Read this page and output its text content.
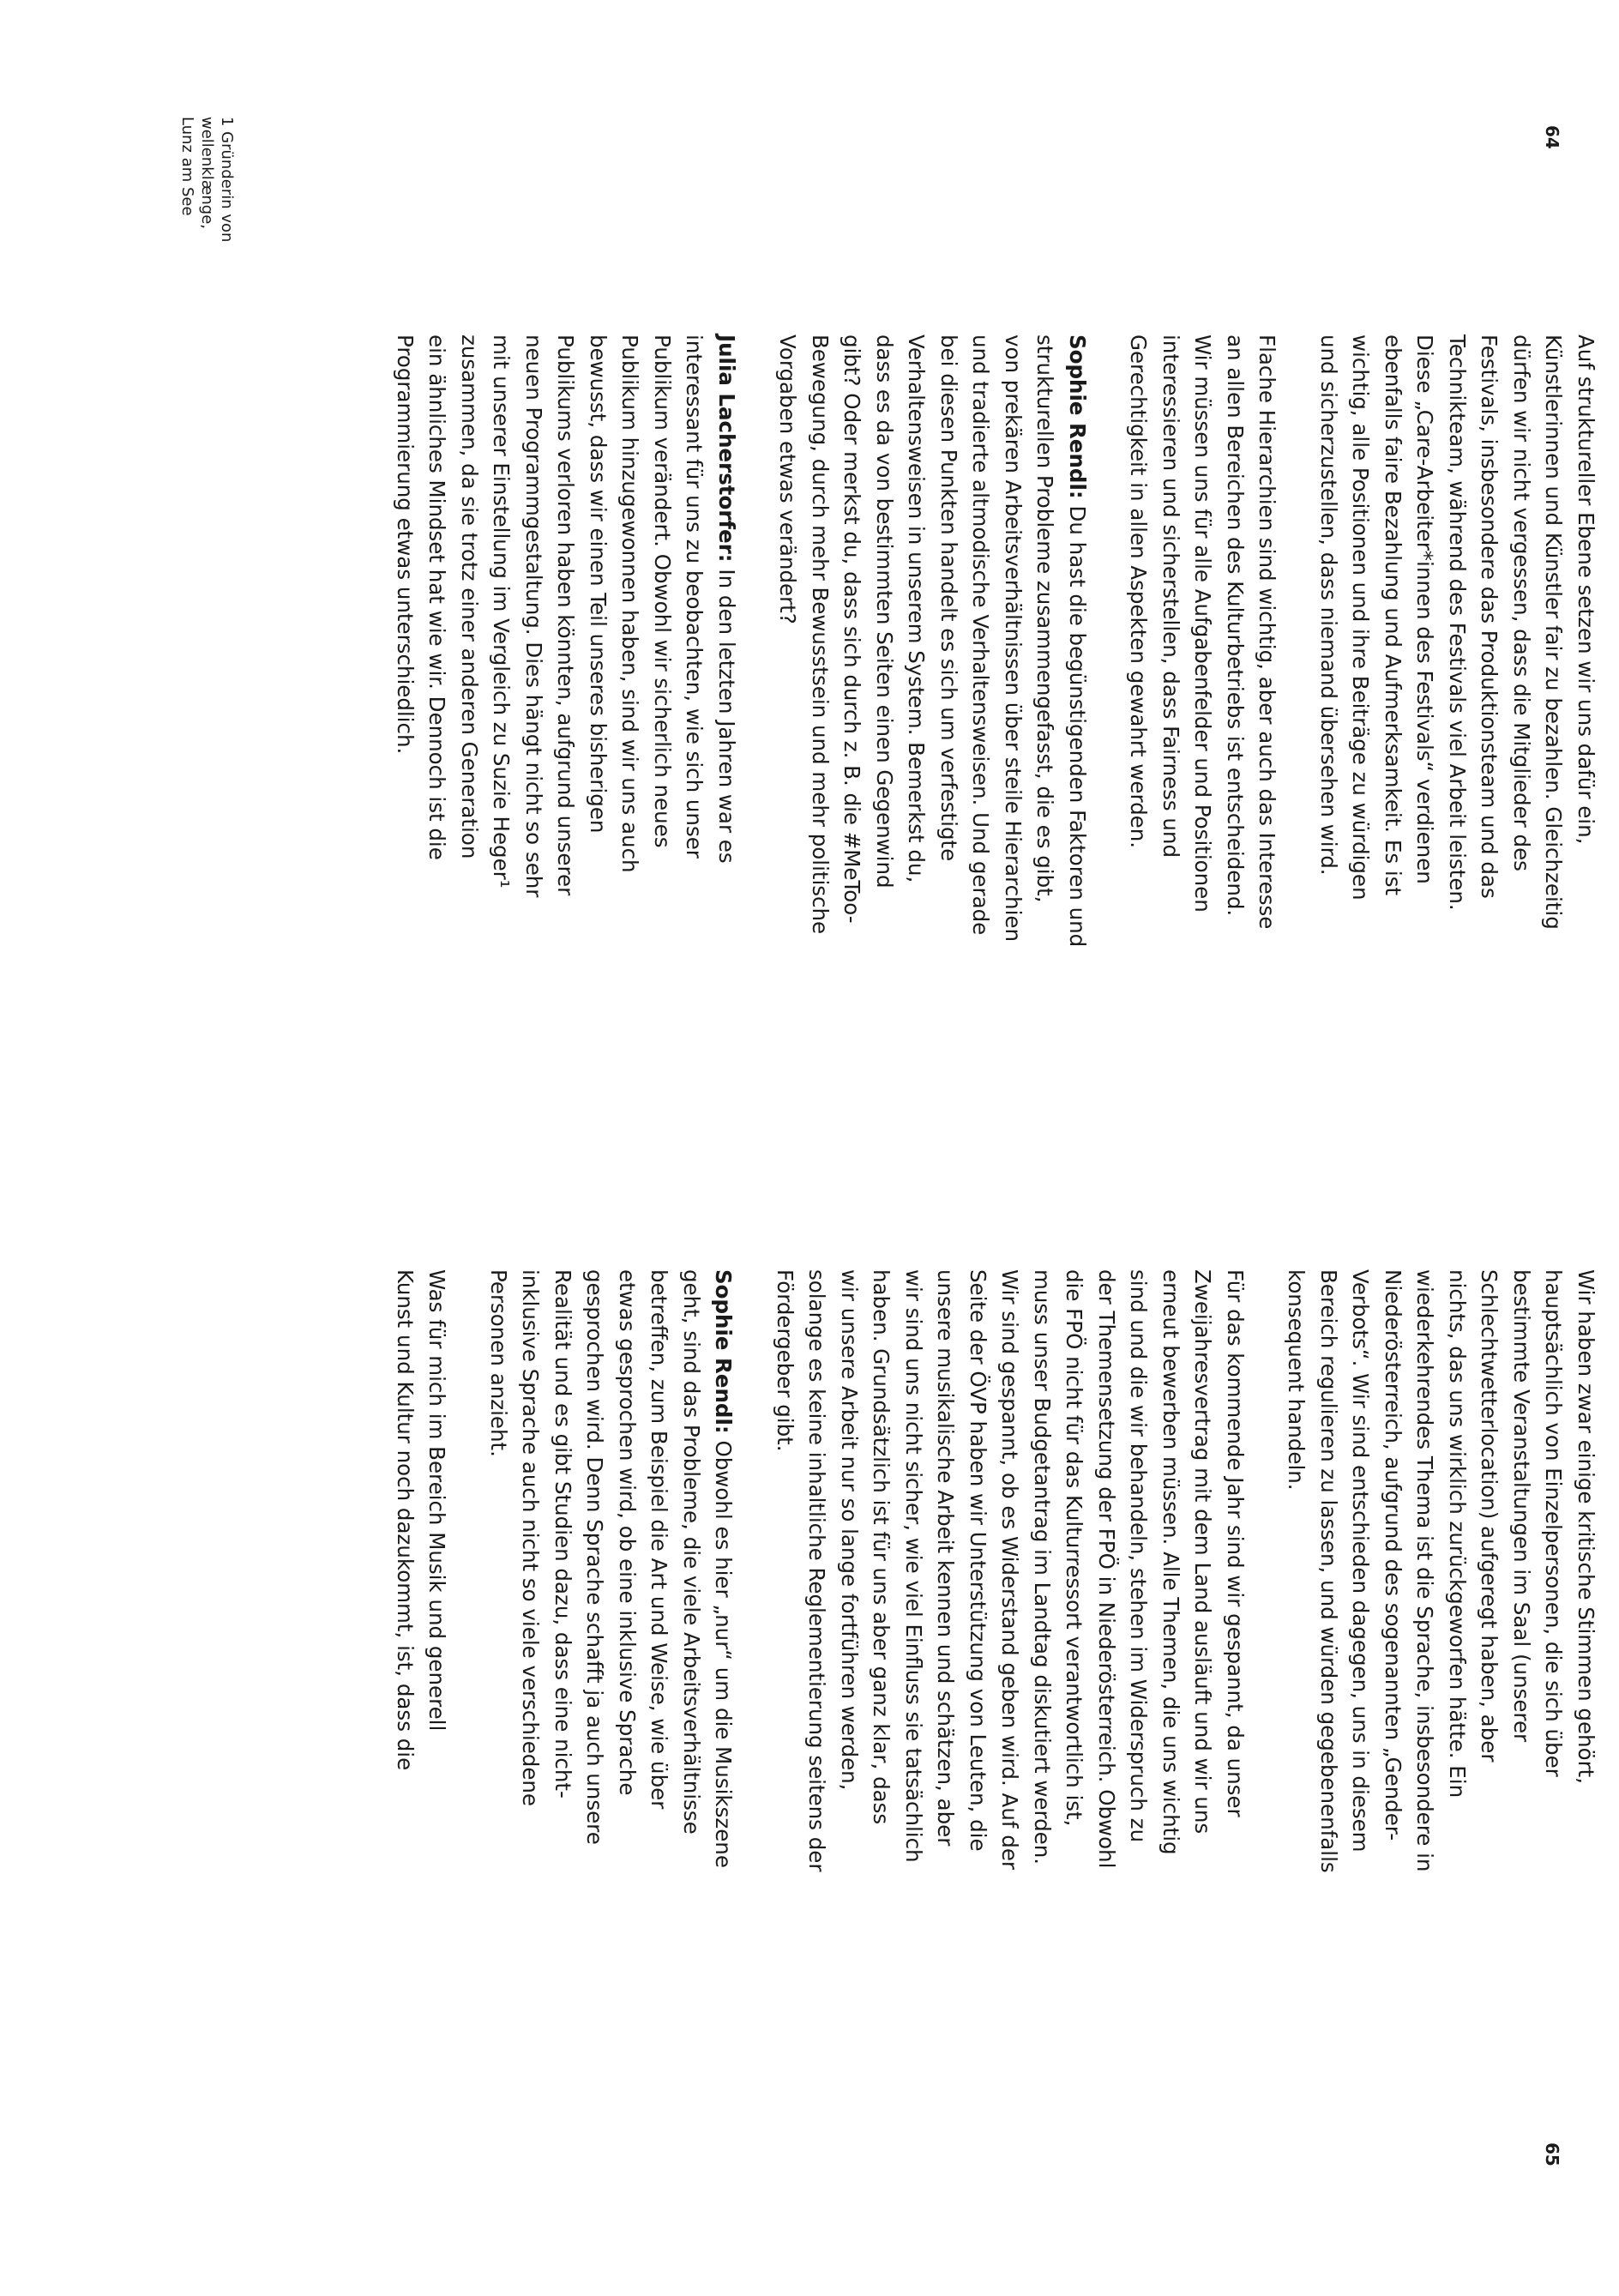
64
65
1 Gründerin von
wellenklænge,
Lunz am See

Auf struktureller Ebene setzen wir uns dafür ein,
Künstlerinnen und Künstler fair zu bezahlen. Gleichzeitig
dürfen wir nicht vergessen, dass die Mitglieder des
Festivals, insbesondere das Produktionsteam und das
Technikteam, während des Festivals viel Arbeit leisten.
Diese „Care-Arbeiter*innen des Festivals“ verdienen
ebenfalls faire Bezahlung und Aufmerksamkeit. Es ist
wichtig, alle Positionen und ihre Beiträge zu würdigen
und sicherzustellen, dass niemand übersehen wird.

Flache Hierarchien sind wichtig, aber auch das Interesse
an allen Bereichen des Kulturbetriebs ist entscheidend.
Wir müssen uns für alle Aufgabenfelder und Positionen
interessieren und sicherstellen, dass Fairness und
Gerechtigkeit in allen Aspekten gewahrt werden.

Sophie Rendl: Du hast die begünstigenden Faktoren und
strukturellen Probleme zusammengefasst, die es gibt,
von prekären Arbeitsverhältnissen über steile Hierarchien
und tradierte altmodische Verhaltensweisen. Und gerade
bei diesen Punkten handelt es sich um verfestigte
Verhaltensweisen in unserem System. Bemerkst du,
dass es da von bestimmten Seiten einen Gegenwind
gibt? Oder merkst du, dass sich durch z. B. die #MeToo-
Bewegung, durch mehr Bewusstsein und mehr politische
Vorgaben etwas verändert?

Julia Lacherstorfer: In den letzten Jahren war es
interessant für uns zu beobachten, wie sich unser
Publikum verändert. Obwohl wir sicherlich neues
Publikum hinzugewonnen haben, sind wir uns auch
bewusst, dass wir einen Teil unseres bisherigen
Publikums verloren haben könnten, aufgrund unserer
neuen Programmgestaltung. Dies hängt nicht so sehr
mit unserer Einstellung im Vergleich zu Suzie Heger¹
zusammen, da sie trotz einer anderen Generation
ein ähnliches Mindset hat wie wir. Dennoch ist die
Programmierung etwas unterschiedlich.

Wir haben zwar einige kritische Stimmen gehört,
hauptsächlich von Einzelpersonen, die sich über
bestimmte Veranstaltungen im Saal (unserer
Schlechtwetterlocation) aufgeregt haben, aber
nichts, das uns wirklich zurückgeworfen hätte. Ein
wiederkehrendes Thema ist die Sprache, insbesondere in
Niederösterreich, aufgrund des sogenannten „Gender-
Verbots“. Wir sind entschieden dagegen, uns in diesem
Bereich regulieren zu lassen, und würden gegebenenfalls
konsequent handeln.

Für das kommende Jahr sind wir gespannt, da unser
Zweijahresvertrag mit dem Land ausläuft und wir uns
erneut bewerben müssen. Alle Themen, die uns wichtig
sind und die wir behandeln, stehen im Widerspruch zu
der Themensetzung der FPÖ in Niederösterreich. Obwohl
die FPÖ nicht für das Kulturressort verantwortlich ist,
muss unser Budgetantrag im Landtag diskutiert werden.
Wir sind gespannt, ob es Widerstand geben wird. Auf der
Seite der ÖVP haben wir Unterstützung von Leuten, die
unsere musikalische Arbeit kennen und schätzen, aber
wir sind uns nicht sicher, wie viel Einfluss sie tatsächlich
haben. Grundsätzlich ist für uns aber ganz klar, dass
wir unsere Arbeit nur so lange fortführen werden,
solange es keine inhaltliche Reglementierung seitens der
Fördergeber gibt.

Sophie Rendl: Obwohl es hier „nur“ um die Musikszene
geht, sind das Probleme, die viele Arbeitsverhältnisse
betreffen, zum Beispiel die Art und Weise, wie über
etwas gesprochen wird, ob eine inklusive Sprache
gesprochen wird. Denn Sprache schafft ja auch unsere
Realität und es gibt Studien dazu, dass eine nicht-
inklusive Sprache auch nicht so viele verschiedene
Personen anzieht.

Was für mich im Bereich Musik und generell
Kunst und Kultur noch dazukommt, ist, dass die
